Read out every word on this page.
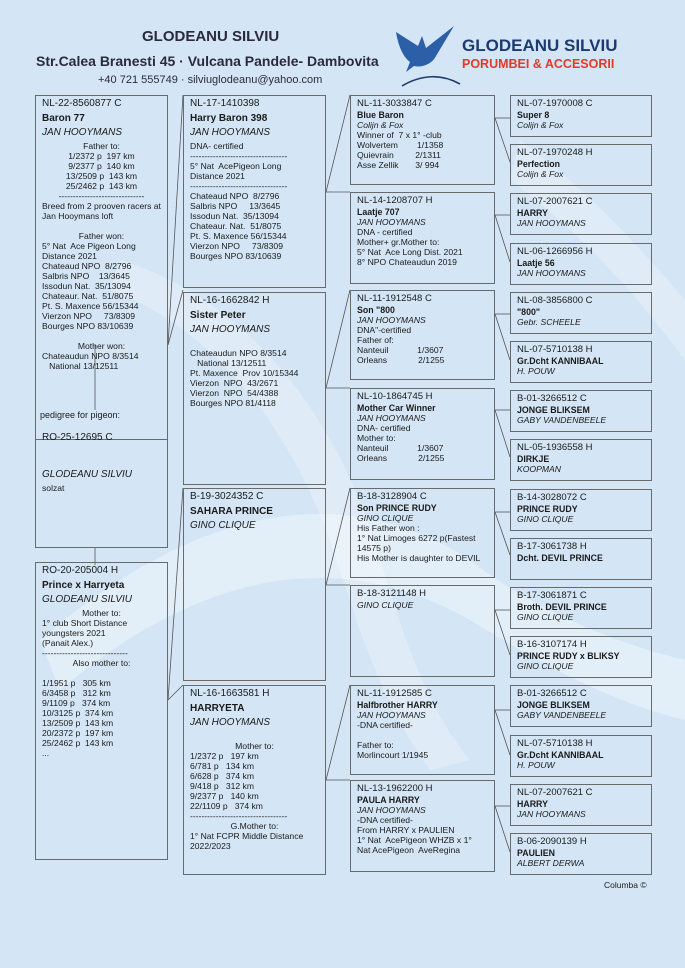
GLODEANU SILVIU
Str.Calea Branesti 45 · Vulcana Pandele- Dambovita
+40 721 555749 · silviuglodeanu@yahoo.com
GLODEANU SILVIU
PORUMBEI & ACCESORII
NL-22-8560877 C
Baron 77
JAN HOOYMANS
Father to:
1/2372 p  197 km
9/2377 p  140 km
13/2509 p  143 km
25/2462 p  143 km
------------------------------
Breed from 2 prooven racers at
Jan Hooymans loft

Father won:
5° Nat  Ace Pigeon Long
Distance 2021
Chateaud NPO  8/2796
Salbris NPO    13/3645
Issodun Nat.  35/13094
Chateaur. Nat.  51/8075
Pt. S. Maxence 56/15344
Vierzon NPO     73/8309
Bourges NPO 83/10639

Mother won:
Chateaudun NPO 8/3514
National 13/12511
pedigree for pigeon:
RO-25-12695 C
GLODEANU SILVIU
solzat
RO-20-205004 H
Prince x Harryeta
GLODEANU SILVIU
Mother to:
1° club Short Distance
youngsters 2021
(Panait Alex.)
------------------------------
Also mother to:

1/1951 p   305 km
6/3458 p   312 km
9/1109 p   374 km
10/3125 p  374 km
13/2509 p  143 km
20/2372 p  197 km
25/2462 p  143 km
...
NL-17-1410398
Harry Baron 398
JAN HOOYMANS
DNA- certified
----------------------------------
5° Nat  AcePigeon Long
Distance 2021
----------------------------------
Chateaud NPO  8/2796
Salbris NPO     13/3645
Issodun Nat.  35/13094
Chateaur. Nat.  51/8075
Pt. S. Maxence 56/15344
Vierzon NPO     73/8309
Bourges NPO 83/10639
NL-16-1662842 H
Sister Peter
JAN HOOYMANS

Chateaudun NPO 8/3514
National 13/12511
Pt. Maxence  Prov 10/15344
Vierzon  NPO  43/2671
Vierzon  NPO  54/4388
Bourges NPO 81/4118
B-19-3024352 C
SAHARA PRINCE
GINO CLIQUE
NL-16-1663581 H
HARRYETA
JAN HOOYMANS

Mother to:
1/2372 p   197 km
6/781 p   134 km
6/628 p   374 km
9/418 p   312 km
9/2377 p   140 km
22/1109 p   374 km
----------------------------------
G.Mother to:
1° Nat FCPR Middle Distance
2022/2023
NL-11-3033847 C
Blue Baron
Colijn & Fox
Winner of  7 x 1° -club
Wolvertem        1/1358
Quievrain         2/1311
Asse Zellik       3/ 994
NL-14-1208707 H
Laatje 707
JAN HOOYMANS
DNA - certified
Mother+ gr.Mother to:
5° Nat  Ace Long Dist. 2021
8° NPO Chateaudun 2019
NL-11-1912548 C
Son "800
JAN HOOYMANS
DNA"-certified
Father of:
Nanteuil            1/3607
Orleans             2/1255
NL-10-1864745 H
Mother Car Winner
JAN HOOYMANS
DNA- certified
Mother to:
Nanteuil            1/3607
Orleans             2/1255
B-18-3128904 C
Son PRINCE RUDY
GINO CLIQUE
His Father won :
1° Nat Limoges 6272 p(Fastest
14575 p)
His Mother is daughter to DEVIL
B-18-3121148 H
GINO CLIQUE
NL-11-1912585 C
Halfbrother HARRY
JAN HOOYMANS
-DNA certified-

Father to:
Morlincourt 1/1945
NL-13-1962200 H
PAULA HARRY
JAN HOOYMANS
-DNA certified-
From HARRY x PAULIEN
1° Nat  AcePigeon WHZB x 1°
Nat AcePigeon  AveRegina
NL-07-1970008 C
Super 8
Colijn & Fox
NL-07-1970248 H
Perfection
Colijn & Fox
NL-07-2007621 C
HARRY
JAN HOOYMANS
NL-06-1266956 H
Laatje 56
JAN HOOYMANS
NL-08-3856800 C
"800"
Gebr. SCHEELE
NL-07-5710138 H
Gr.Dcht KANNIBAAL
H. POUW
B-01-3266512 C
JONGE BLIKSEM
GABY VANDENBEELE
NL-05-1936558 H
DIRKJE
KOOPMAN
B-14-3028072 C
PRINCE RUDY
GINO CLIQUE
B-17-3061738 H
Dcht. DEVIL PRINCE
B-17-3061871 C
Broth. DEVIL PRINCE
GINO CLIQUE
B-16-3107174 H
PRINCE RUDY x BLIKSY
GINO CLIQUE
B-01-3266512 C
JONGE BLIKSEM
GABY VANDENBEELE
NL-07-5710138 H
Gr.Dcht KANNIBAAL
H. POUW
NL-07-2007621 C
HARRY
JAN HOOYMANS
B-06-2090139 H
PAULIEN
ALBERT DERWA
Columba ©
